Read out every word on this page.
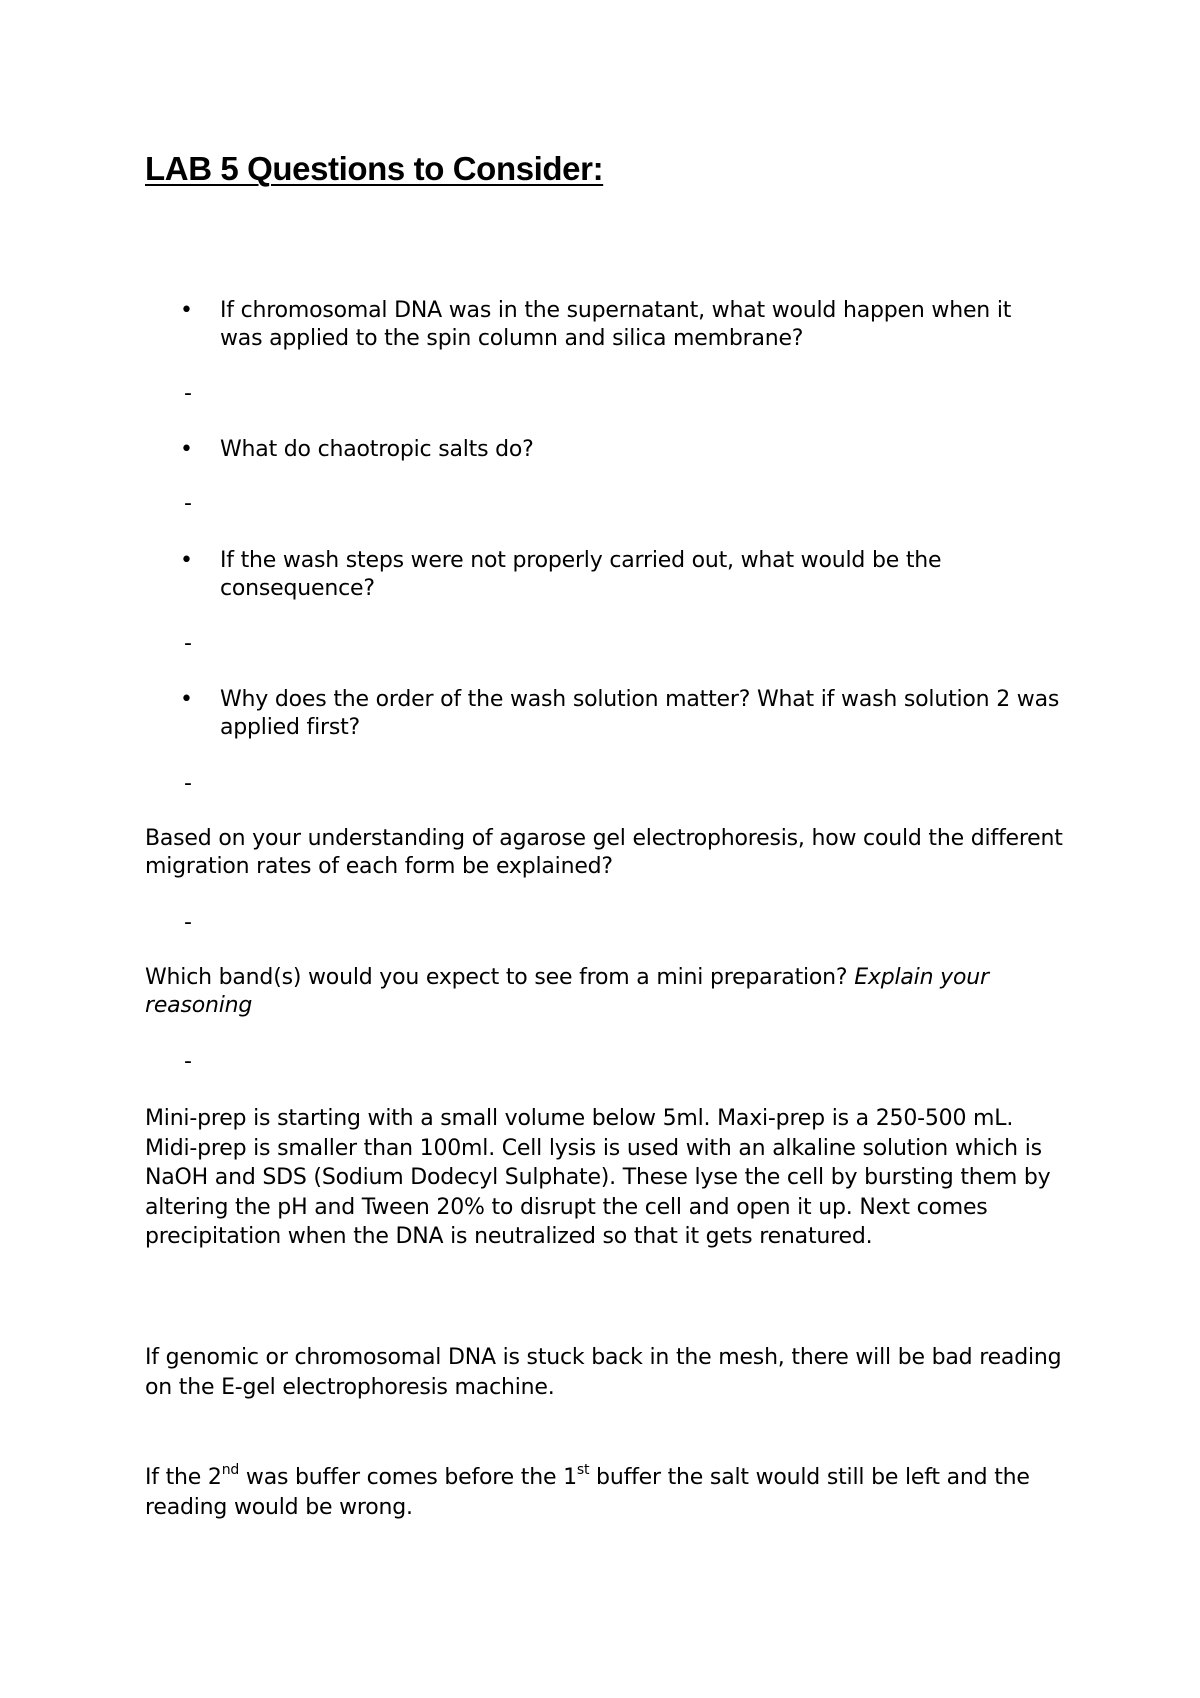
LAB 5 Questions to Consider:
• If chromosomal DNA was in the supernatant, what would happen when it was applied to the spin column and silica membrane?
-
• What do chaotropic salts do?
-
• If the wash steps were not properly carried out, what would be the consequence?
-
• Why does the order of the wash solution matter? What if wash solution 2 was applied first?
-
Based on your understanding of agarose gel electrophoresis, how could the different migration rates of each form be explained?
-
Which band(s) would you expect to see from a mini preparation? Explain your reasoning
-
Mini-prep is starting with a small volume below 5ml. Maxi-prep is a 250-500 mL. Midi-prep is smaller than 100ml. Cell lysis is used with an alkaline solution which is NaOH and SDS (Sodium Dodecyl Sulphate). These lyse the cell by bursting them by altering the pH and Tween 20% to disrupt the cell and open it up. Next comes precipitation when the DNA is neutralized so that it gets renatured.
If genomic or chromosomal DNA is stuck back in the mesh, there will be bad reading on the E-gel electrophoresis machine.
If the 2nd was buffer comes before the 1st buffer the salt would still be left and the reading would be wrong.
